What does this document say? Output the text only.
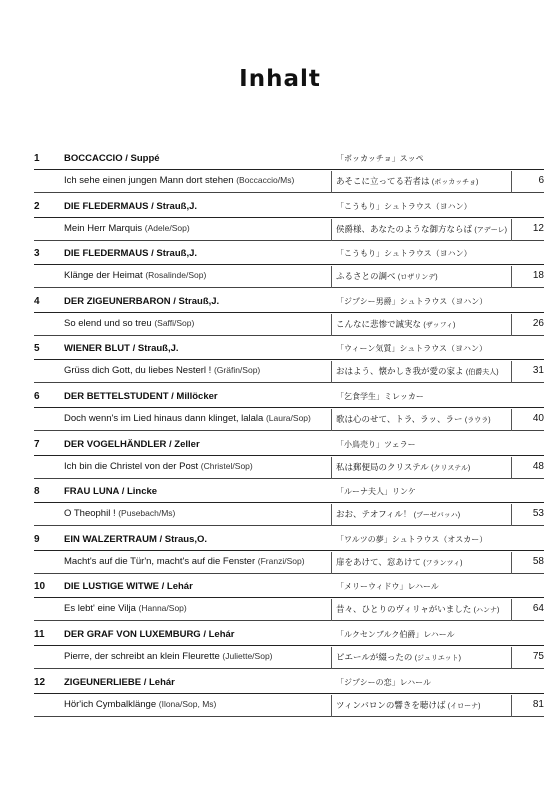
Inhalt
1	BOCCACCIO / Suppé	「ボッカッチョ」スッペ
Ich sehe einen jungen Mann dort stehen (Boccaccio/Ms)	あそこに立ってる若者は (ボッカッチョ)	6
2	DIE FLEDERMAUS / Strauß,J.	「こうもり」シュトラウス（ヨハン）
Mein Herr Marquis (Adele/Sop)	侯爵様、あなたのような御方ならば (アデーレ)	12
3	DIE FLEDERMAUS / Strauß,J.	「こうもり」シュトラウス（ヨハン）
Klänge der Heimat (Rosalinde/Sop)	ふるさとの調べ (ロザリンデ)	18
4	DER ZIGEUNERBARON / Strauß,J.	「ジプシー男爵」シュトラウス（ヨハン）
So elend und so treu (Saffi/Sop)	こんなに悲惨で誠実な (ザッフィ)	26
5	WIENER BLUT / Strauß,J.	「ウィーン気質」シュトラウス（ヨハン）
Grüss dich Gott, du liebes Nesterl ! (Gräfin/Sop)	おはよう、懐かしき我が愛の家よ (伯爵夫人)	31
6	DER BETTELSTUDENT / Millöcker	「乞食学生」ミレッカー
Doch wenn's im Lied hinaus dann klinget, lalala (Laura/Sop)	歌は心のせて、トラ、ラッ、ラー (ラウラ)	40
7	DER VOGELHÄNDLER / Zeller	「小鳥売り」ツェラー
Ich bin die Christel von der Post (Christel/Sop)	私は郵便局のクリステル (クリステル)	48
8	FRAU LUNA / Lincke	「ルーナ夫人」リンケ
O Theophil ! (Pusebach/Ms)	おお、テオフィル！ (プーゼバッハ)	53
9	EIN WALZERTRAUM / Straus,O.	「ワルツの夢」シュトラウス（オスカー）
Macht's auf die Tür'n, macht's auf die Fenster (Franzi/Sop)	扉をあけて、窓あけて (フランツィ)	58
10	DIE LUSTIGE WITWE / Lehár	「メリーウィドウ」レハール
Es lebt' eine Vilja (Hanna/Sop)	昔々、ひとりのヴィリャがいました (ハンナ)	64
11	DER GRAF VON LUXEMBURG / Lehár	「ルクセンブルク伯爵」レハール
Pierre, der schreibt an klein Fleurette (Juliette/Sop)	ピエールが綴ったの (ジュリエット)	75
12	ZIGEUNERLIEBE / Lehár	「ジプシーの恋」レハール
Hör'ich Cymbalklänge (Ilona/Sop, Ms)	ツィンバロンの響きを聴けば (イローナ)	81
